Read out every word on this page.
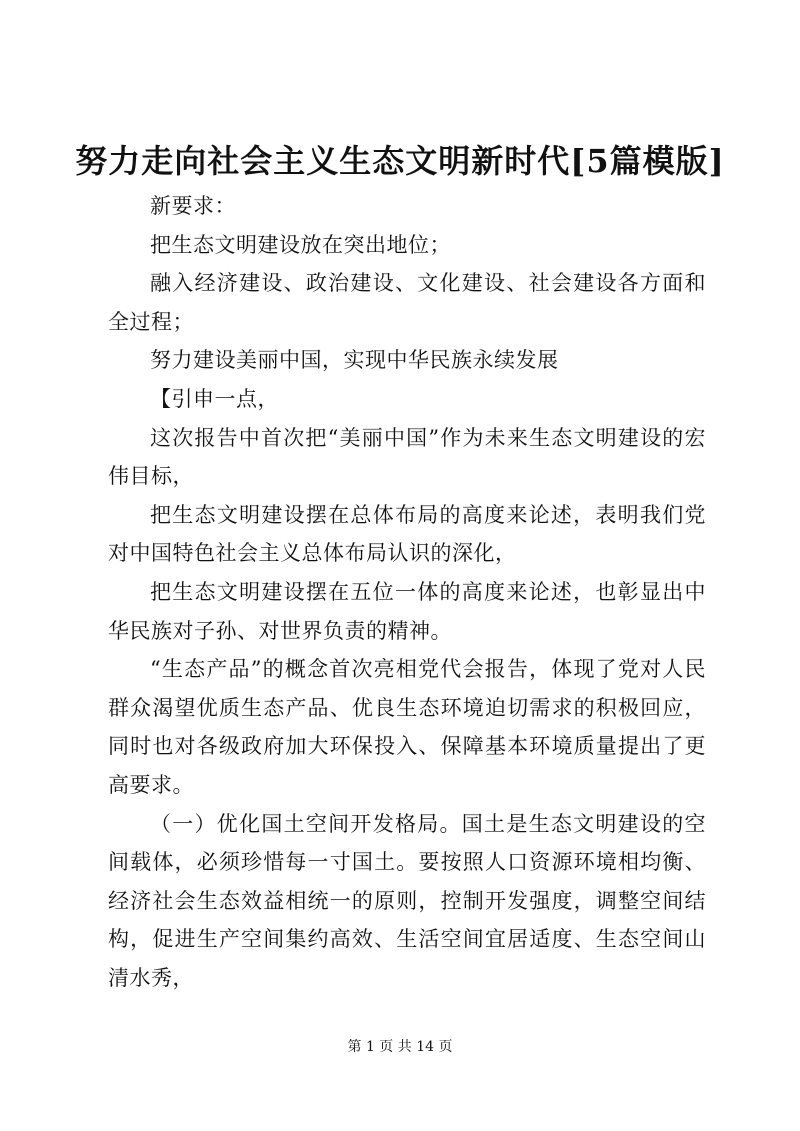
努力走向社会主义生态文明新时代[5篇模版]

新要求：

把生态文明建设放在突出地位；

融入经济建设、政治建设、文化建设、社会建设各方面和全过程；

努力建设美丽中国，实现中华民族永续发展

【引申一点，

这次报告中首次把“美丽中国”作为未来生态文明建设的宏伟目标，

把生态文明建设摆在总体布局的高度来论述，表明我们党对中国特色社会主义总体布局认识的深化，

把生态文明建设摆在五位一体的高度来论述，也彰显出中华民族对子孙、对世界负责的精神。

“生态产品”的概念首次亮相党代会报告，体现了党对人民群众渴望优质生态产品、优良生态环境迫切需求的积极回应，同时也对各级政府加大环保投入、保障基本环境质量提出了更高要求。

（一）优化国土空间开发格局。国土是生态文明建设的空间载体，必须珍惜每一寸国土。要按照人口资源环境相均衡、经济社会生态效益相统一的原则，控制开发强度，调整空间结构，促进生产空间集约高效、生活空间宜居适度、生态空间山清水秀，

第 1 页 共 14 页
